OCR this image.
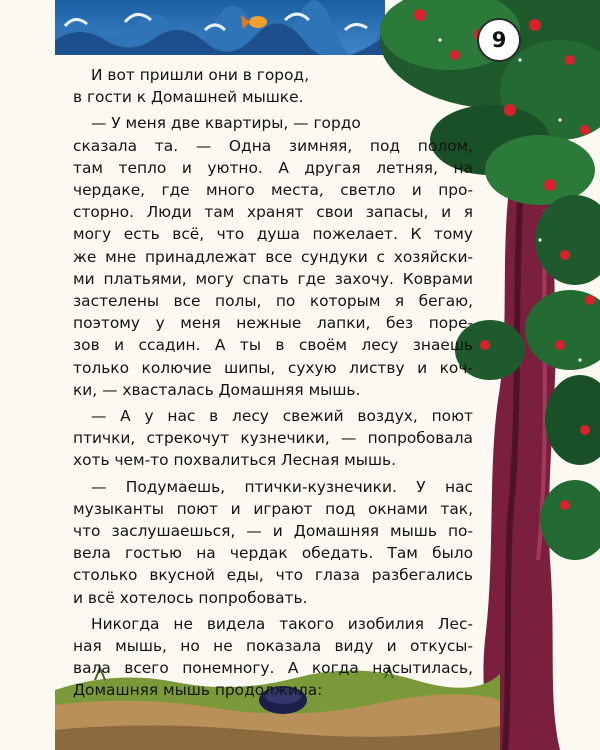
9
И вот пришли они в город,
в гости к Домашней мышке.
— У меня две квартиры, — гордо
сказала та. — Одна зимняя, под полом,
там тепло и уютно. А другая летняя, на
чердаке, где много места, светло и про-
сторно. Люди там хранят свои запасы, и я
могу есть всё, что душа пожелает. К тому
же мне принадлежат все сундуки с хозяйски-
ми платьями, могу спать где захочу. Коврами
застелены все полы, по которым я бегаю,
поэтому у меня нежные лапки, без поре-
зов и ссадин. А ты в своём лесу знаешь
только колючие шипы, сухую листву и коч-
ки, — хвасталась Домашняя мышь.
— А у нас в лесу свежий воздух, поют
птички, стрекочут кузнечики, — попробовала
хоть чем-то похвалиться Лесная мышь.
— Подумаешь, птички-кузнечики. У нас
музыканты поют и играют под окнами так,
что заслушаешься, — и Домашняя мышь по-
вела гостью на чердак обедать. Там было
столько вкусной еды, что глаза разбегались
и всё хотелось попробовать.
Никогда не видела такого изобилия Лес-
ная мышь, но не показала виду и откусы-
вала всего понемногу. А когда насытилась,
Домашняя мышь продолжила:
